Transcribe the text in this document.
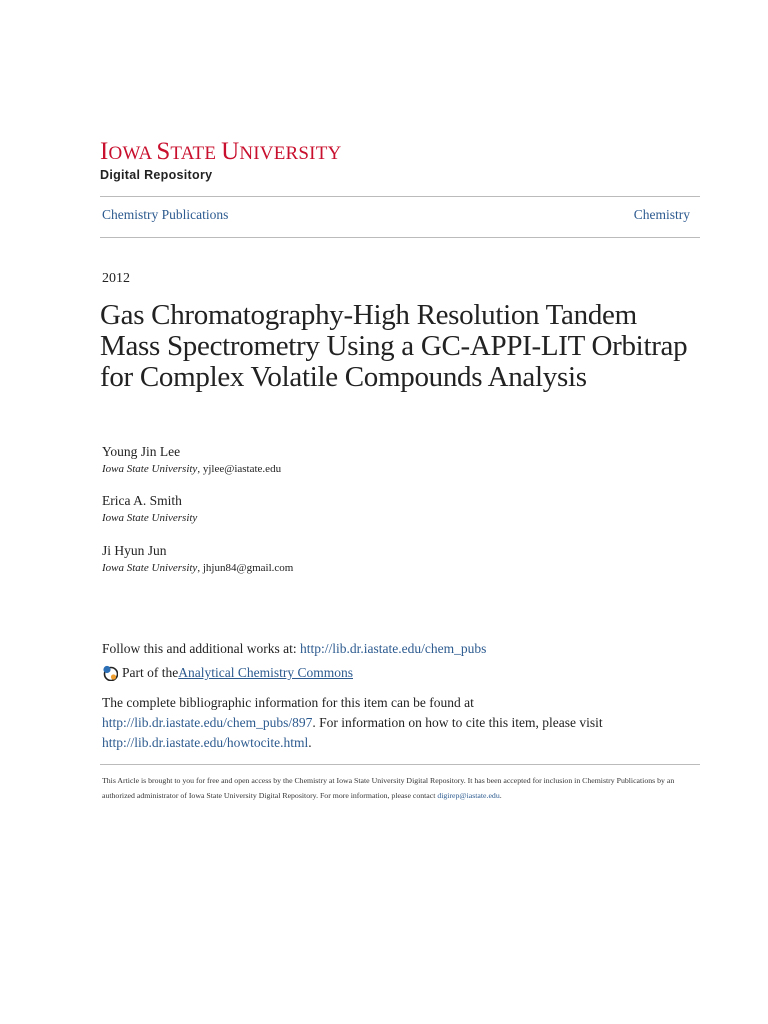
IOWA STATE UNIVERSITY
Digital Repository
Chemistry Publications	Chemistry
2012
Gas Chromatography-High Resolution Tandem Mass Spectrometry Using a GC-APPI-LIT Orbitrap for Complex Volatile Compounds Analysis
Young Jin Lee
Iowa State University, yjlee@iastate.edu
Erica A. Smith
Iowa State University
Ji Hyun Jun
Iowa State University, jhjun84@gmail.com
Follow this and additional works at: http://lib.dr.iastate.edu/chem_pubs
Part of the Analytical Chemistry Commons
The complete bibliographic information for this item can be found at http://lib.dr.iastate.edu/chem_pubs/897. For information on how to cite this item, please visit http://lib.dr.iastate.edu/howtocite.html.
This Article is brought to you for free and open access by the Chemistry at Iowa State University Digital Repository. It has been accepted for inclusion in Chemistry Publications by an authorized administrator of Iowa State University Digital Repository. For more information, please contact digirep@iastate.edu.
